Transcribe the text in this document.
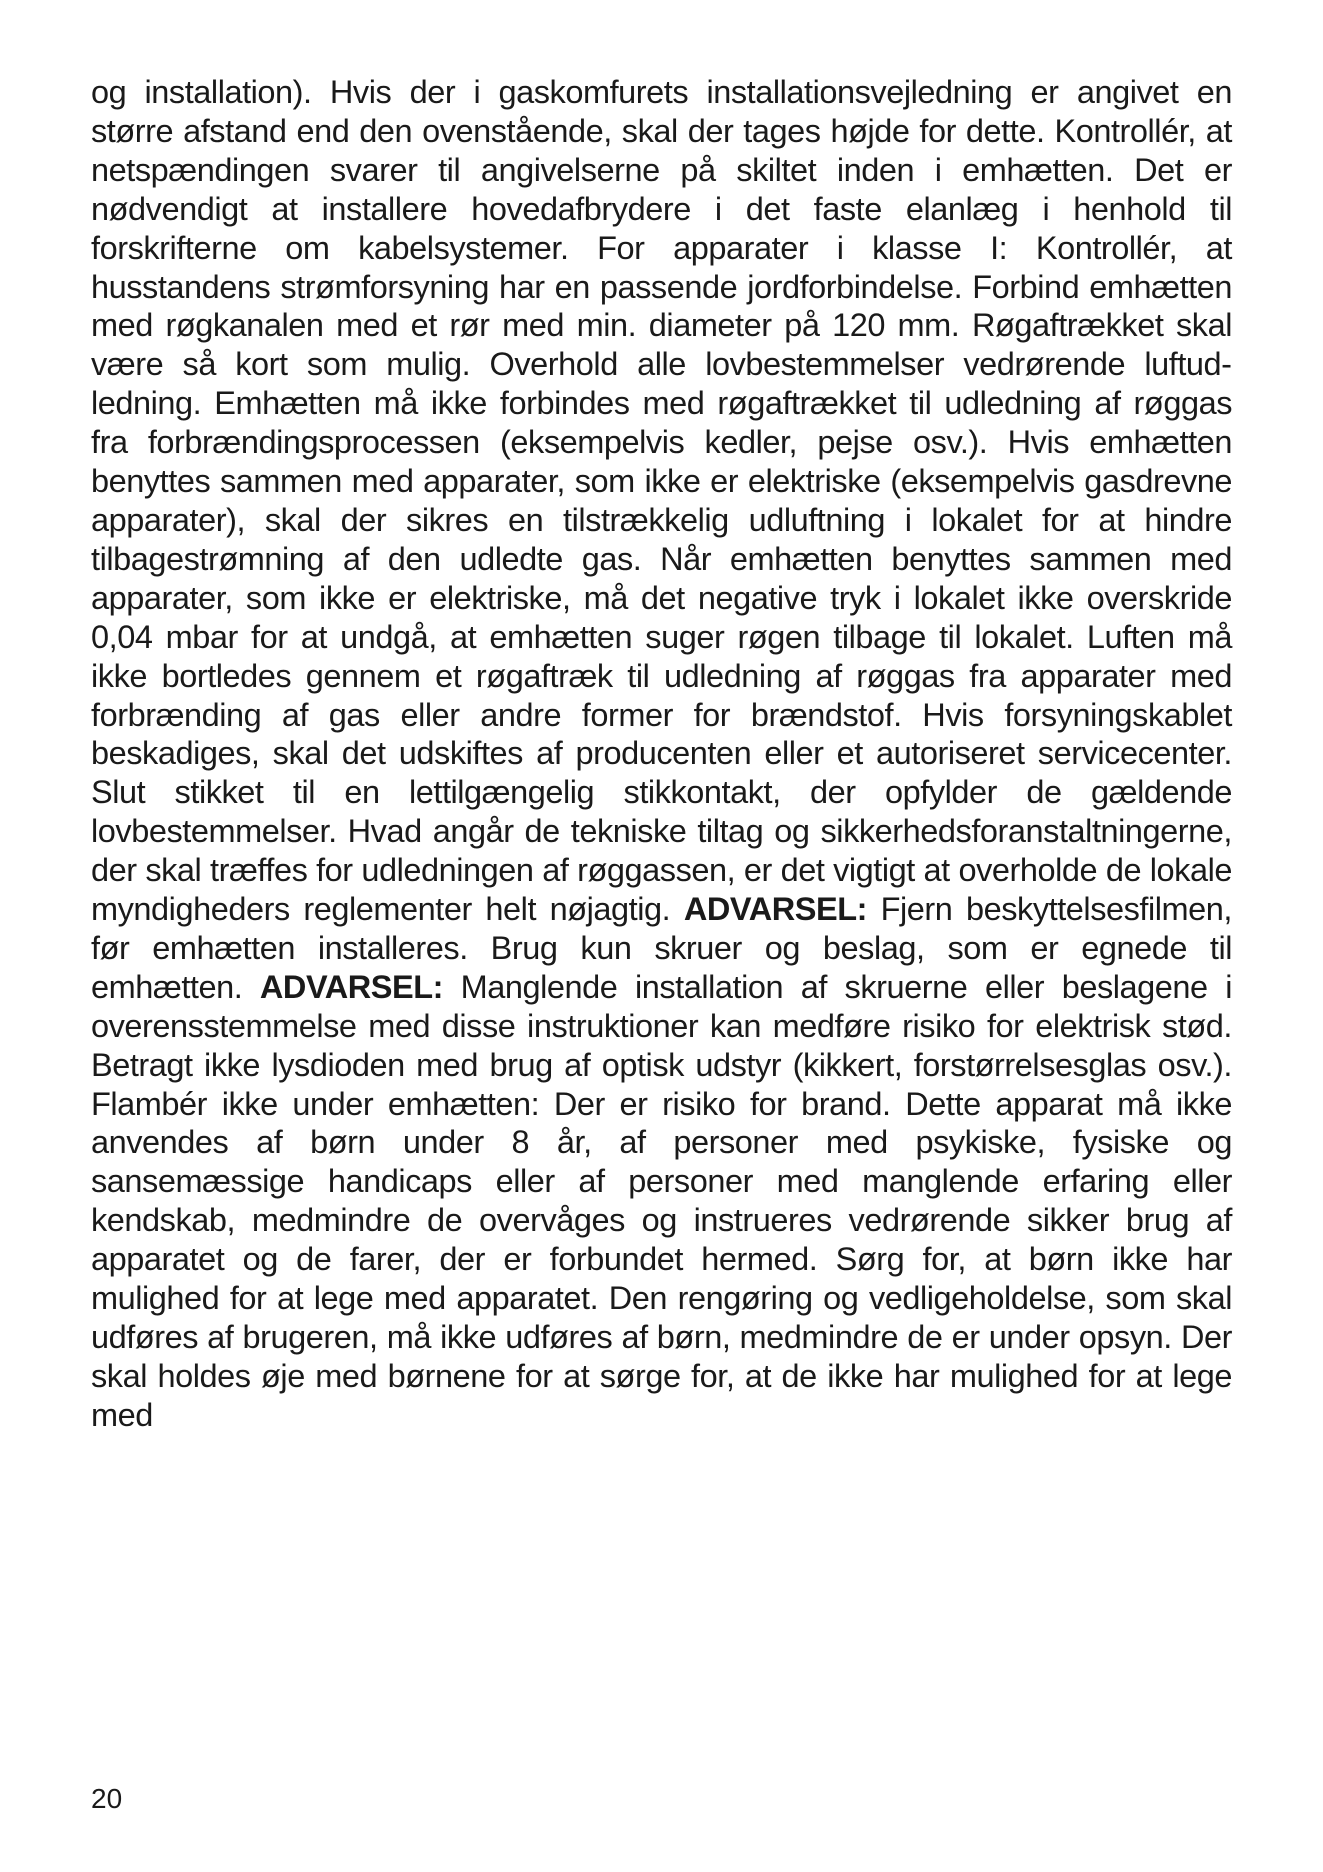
og installation). Hvis der i gaskomfurets installationsvejledning er angivet en større afstand end den ovenstående, skal der tages højde for dette. Kontrollér, at netspændingen svarer til angivelserne på skiltet inden i emhætten. Det er nødvendigt at installere hovedafbrydere i det faste elanlæg i henhold til forskrifterne om kabelsystemer. For apparater i klasse I: Kontrollér, at husstandens strømforsyning har en passende jordforbindelse. Forbind emhætten med røgkanalen med et rør med min. diameter på 120 mm. Røgaftrækket skal være så kort som mulig. Overhold alle lovbestemmelser vedrørende luftudledning. Emhætten må ikke forbindes med røgaftrækket til udledning af røggas fra forbrændingsprocessen (eksempelvis kedler, pejse osv.). Hvis emhætten benyttes sammen med apparater, som ikke er elektriske (eksempelvis gasdrevne apparater), skal der sikres en tilstrækkelig udluftning i lokalet for at hindre tilbagestrømning af den udledte gas. Når emhætten benyttes sammen med apparater, som ikke er elektriske, må det negative tryk i lokalet ikke overskride 0,04 mbar for at undgå, at emhætten suger røgen tilbage til lokalet. Luften må ikke bortledes gennem et røgaftræk til udledning af røggas fra apparater med forbrænding af gas eller andre former for brændstof. Hvis forsyningskablet beskadiges, skal det udskiftes af producenten eller et autoriseret servicecenter. Slut stikket til en lettilgængelig stikkontakt, der opfylder de gældende lovbestemmelser. Hvad angår de tekniske tiltag og sikkerhedsforanstaltningerne, der skal træffes for udledningen af røggassen, er det vigtigt at overholde de lokale myndigheders reglementer helt nøjagtig. ADVARSEL: Fjern beskyttelsesfilmen, før emhætten installeres. Brug kun skruer og beslag, som er egnede til emhætten. ADVARSEL: Manglende installation af skruerne eller beslagene i overensstemmelse med disse instruktioner kan medføre risiko for elektrisk stød. Betragt ikke lysdioden med brug af optisk udstyr (kikkert, forstørrelsesglas osv.). Flambér ikke under emhætten: Der er risiko for brand. Dette apparat må ikke anvendes af børn under 8 år, af personer med psykiske, fysiske og sansemæssige handicaps eller af personer med manglende erfaring eller kendskab, medmindre de overvåges og instrueres vedrørende sikker brug af apparatet og de farer, der er forbundet hermed. Sørg for, at børn ikke har mulighed for at lege med apparatet. Den rengøring og vedligeholdelse, som skal udføres af brugeren, må ikke udføres af børn, medmindre de er under opsyn. Der skal holdes øje med børnene for at sørge for, at de ikke har mulighed for at lege med

20
